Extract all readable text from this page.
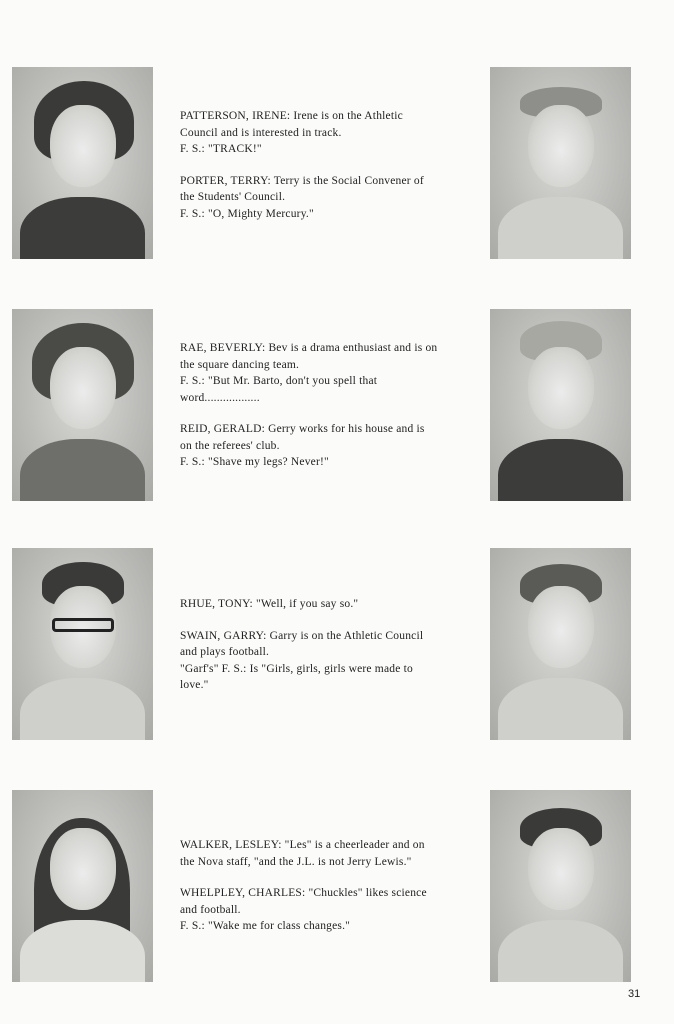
PATTERSON, IRENE: Irene is on the Athletic
Council and is interested in track.
F. S.: "TRACK!"
PORTER, TERRY: Terry is the Social Convener of
the Students' Council.
F. S.: "O, Mighty Mercury."
RAE, BEVERLY: Bev is a drama enthusiast and is on
the square dancing team.
F. S.: "But Mr. Barto, don't you spell that
word..................
REID, GERALD: Gerry works for his house and is
on the referees' club.
F. S.: "Shave my legs? Never!"
RHUE, TONY: "Well, if you say so."
SWAIN, GARRY: Garry is on the Athletic Council
and plays football.
"Garf's" F. S.: Is "Girls, girls, girls were made to
love."
WALKER, LESLEY: "Les" is a cheerleader and on
the Nova staff, "and the J.L. is not Jerry Lewis."
WHELPLEY, CHARLES: "Chuckles" likes science
and football.
F. S.: "Wake me for class changes."
31
